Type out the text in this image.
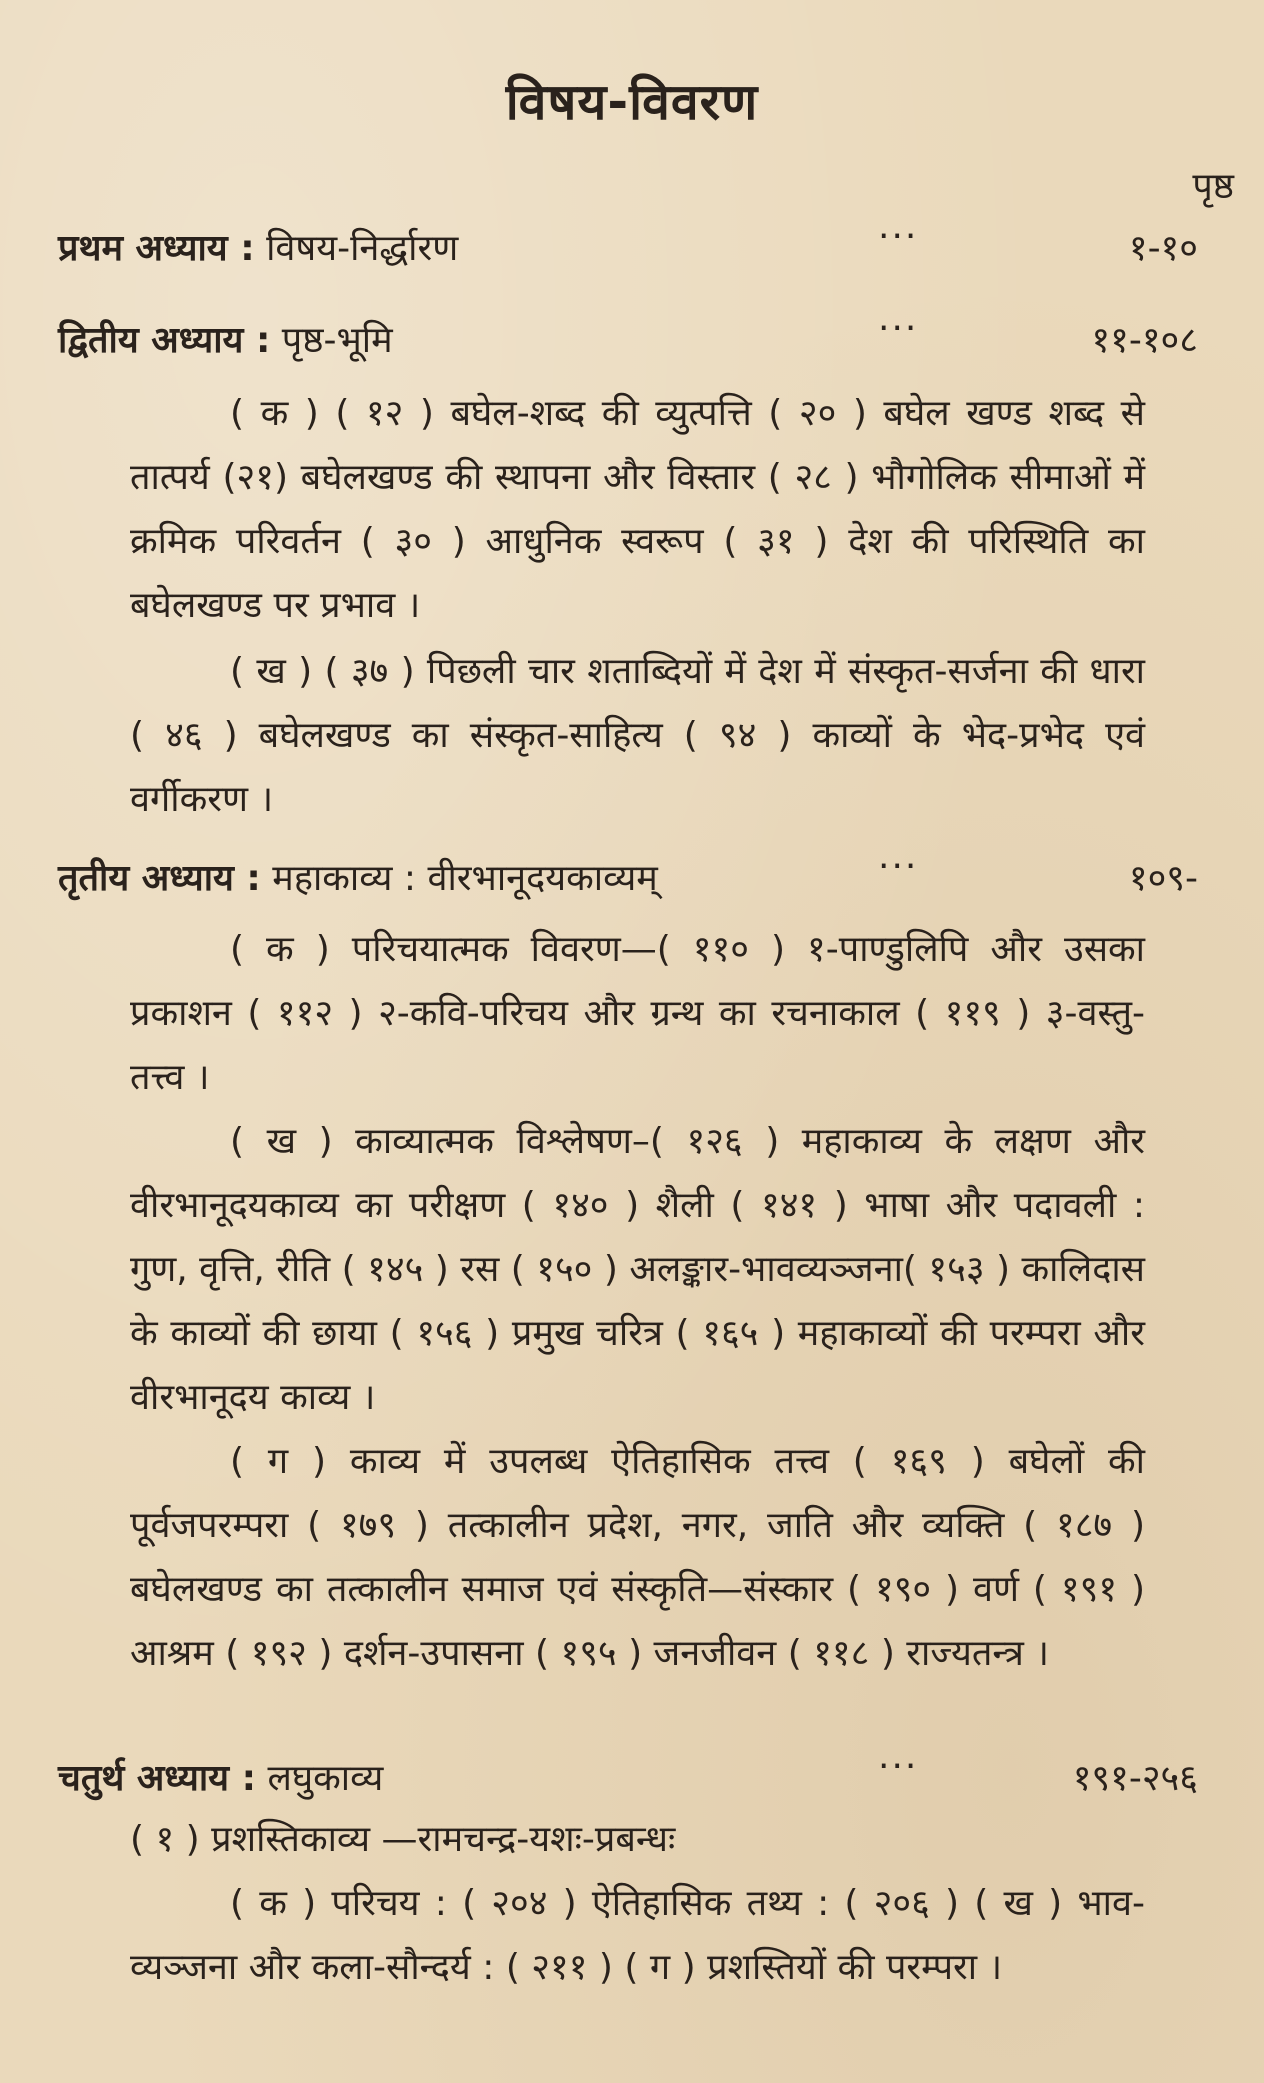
विषय-विवरण
पृष्ठ
प्रथम अध्याय : विषय-निर्द्धारण	···	१-१०
द्वितीय अध्याय : पृष्ठ-भूमि	···	११-१०८

( क ) ( १२ ) बघेल-शब्द की व्युत्पत्ति ( २० ) बघेल खण्ड शब्द से तात्पर्य (२१) बघेलखण्ड की स्थापना और विस्तार ( २८ ) भौगोलिक सीमाओं में क्रमिक परिवर्तन ( ३० ) आधुनिक स्वरूप ( ३१ ) देश की परिस्थिति का बघेलखण्ड पर प्रभाव ।

( ख ) ( ३७ ) पिछली चार शताब्दियों में देश में संस्कृत-सर्जना की धारा ( ४६ ) बघेलखण्ड का संस्कृत-साहित्य ( ९४ ) काव्यों के भेद-प्रभेद एवं वर्गीकरण ।

तृतीय अध्याय : महाकाव्य : वीरभानूदयकाव्यम्	···	१०९-

( क ) परिचयात्मक विवरण—( ११० ) १-पाण्डुलिपि और उसका प्रकाशन ( ११२ ) २-कवि-परिचय और ग्रन्थ का रचनाकाल ( ११९ ) ३-वस्तु-तत्त्व ।

( ख ) काव्यात्मक विश्लेषण–( १२६ ) महाकाव्य के लक्षण और वीरभानूदयकाव्य का परीक्षण ( १४० ) शैली ( १४१ ) भाषा और पदावली : गुण, वृत्ति, रीति ( १४५ ) रस ( १५० ) अलङ्कार-भावव्यञ्जना( १५३ ) कालिदास के काव्यों की छाया ( १५६ ) प्रमुख चरित्र ( १६५ ) महाकाव्यों की परम्परा और वीरभानूदय काव्य ।

( ग ) काव्य में उपलब्ध ऐतिहासिक तत्त्व ( १६९ ) बघेलों की पूर्वजपरम्परा ( १७९ ) तत्कालीन प्रदेश, नगर, जाति और व्यक्ति ( १८७ ) बघेलखण्ड का तत्कालीन समाज एवं संस्कृति—संस्कार ( १९० ) वर्ण ( १९१ ) आश्रम ( १९२ ) दर्शन-उपासना ( १९५ ) जनजीवन ( ११८ ) राज्यतन्त्र ।

चतुर्थ अध्याय : लघुकाव्य	···	१९१-२५६

( १ ) प्रशस्तिकाव्य —रामचन्द्र-यशः-प्रबन्धः

( क ) परिचय : ( २०४ ) ऐतिहासिक तथ्य : ( २०६ ) ( ख ) भाव-व्यञ्जना और कला-सौन्दर्य : ( २११ ) ( ग ) प्रशस्तियों की परम्परा ।
